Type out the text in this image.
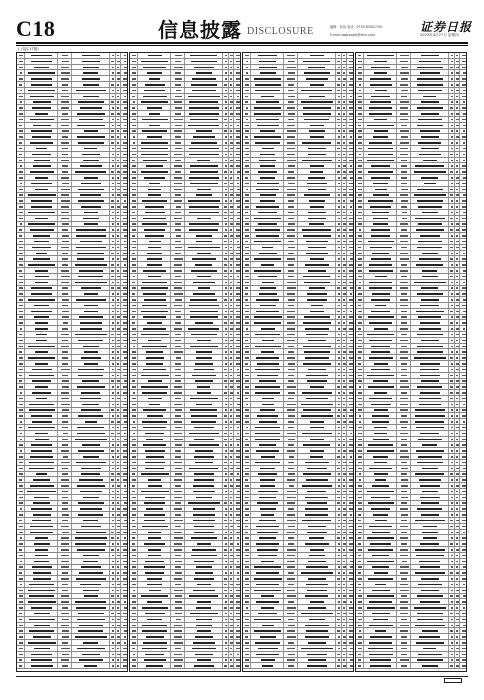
C18	信息披露 DISCLOSURE	编辑：刘达 电话：0755-83501750
E-mail:zqsbxxplb@stcn.com
证券日报
2023年4月27日 星期四
(上接C17版)
